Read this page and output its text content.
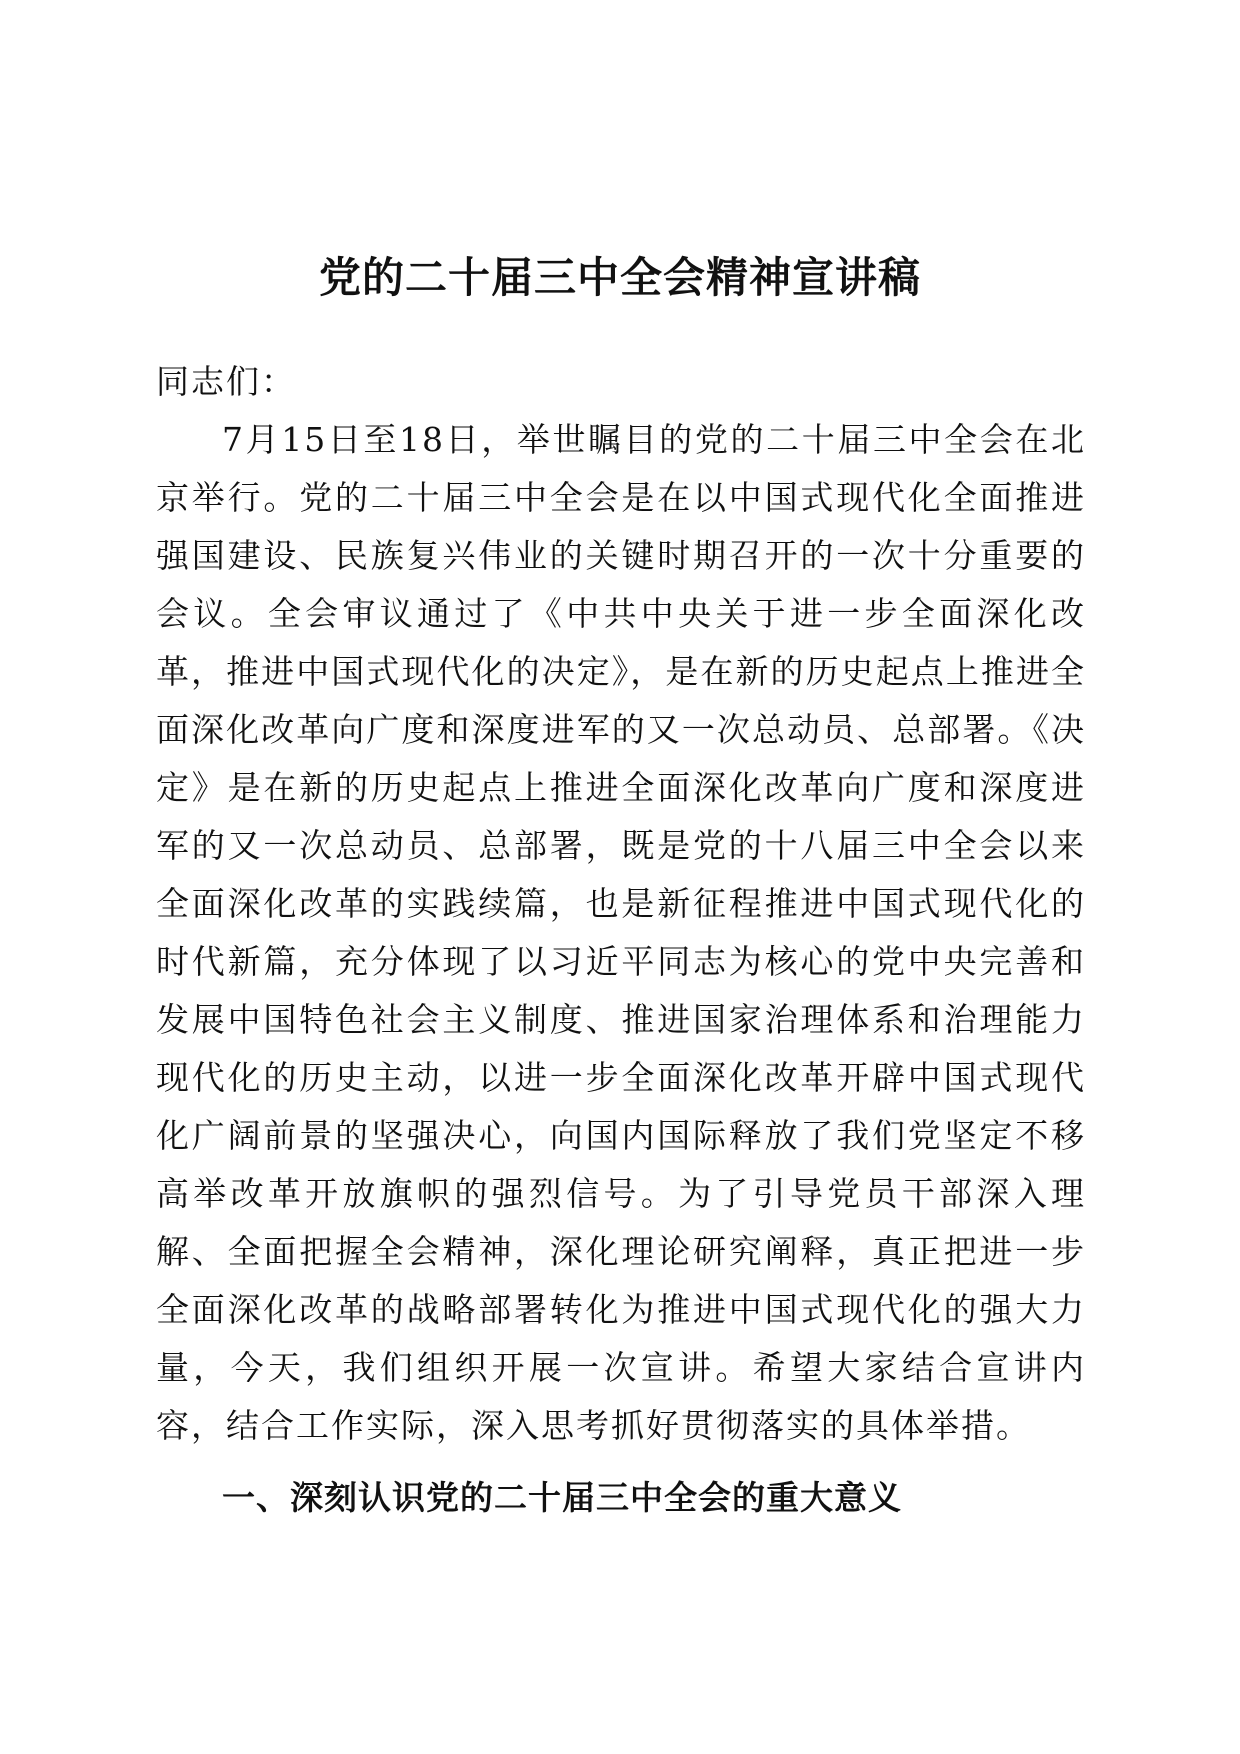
党的二十届三中全会精神宣讲稿

同志们：

7月15日至18日，举世瞩目的党的二十届三中全会在北京举行。党的二十届三中全会是在以中国式现代化全面推进强国建设、民族复兴伟业的关键时期召开的一次十分重要的会议。全会审议通过了《中共中央关于进一步全面深化改革，推进中国式现代化的决定》，是在新的历史起点上推进全面深化改革向广度和深度进军的又一次总动员、总部署。《决定》是在新的历史起点上推进全面深化改革向广度和深度进军的又一次总动员、总部署，既是党的十八届三中全会以来全面深化改革的实践续篇，也是新征程推进中国式现代化的时代新篇，充分体现了以习近平同志为核心的党中央完善和发展中国特色社会主义制度、推进国家治理体系和治理能力现代化的历史主动，以进一步全面深化改革开辟中国式现代化广阔前景的坚强决心，向国内国际释放了我们党坚定不移高举改革开放旗帜的强烈信号。为了引导党员干部深入理解、全面把握全会精神，深化理论研究阐释，真正把进一步全面深化改革的战略部署转化为推进中国式现代化的强大力量，今天，我们组织开展一次宣讲。希望大家结合宣讲内容，结合工作实际，深入思考抓好贯彻落实的具体举措。

一、深刻认识党的二十届三中全会的重大意义
